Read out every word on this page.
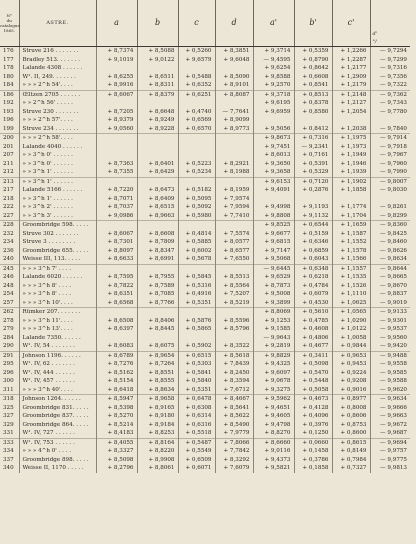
N°
du
catalogue
1865.	ASTRE.	a	b	c	d	a'	b'	c'	d'
°/
176	Struve 216 . . . . . . .	+ 8,7374	+ 8,5088	+ 0,5260	+ 8,3851	+ 9,3714	+ 0,5359	+ 1,2266	— 9,7294
177	Bradley 513. . . . . . .	+ 9,1019	+ 9,0122	+ 9,6579	+ 9,6048	— 9,4595	+ 0,8790	+ 1,2287	— 9,7299
178	Lalande 4308 . . . . . .					+ 9,6254	+ 0,8642	+ 1,2177	— 9,7316
180	W¹. II, 249. . . . . . .	+ 8,6255	+ 8,6511	+ 0,5488	+ 8,5090	+ 9,8588	+ 0,6608	+ 1,2909	— 9,7356
184	» » » 2^h 54'. . . .	+ 8,9916	+ 8,8311	+ 0,6352	+ 8,9101	+ 9,2570	+ 0,8541	+ 1,2179	— 9,7322
186	Œltzen 2705 . . . . . .	+ 8,6067	+ 8,8379	+ 0,6251	+ 8,8087	+ 9,3718	+ 0,8513	+ 1,2148	— 9,7362
192	» » 2^h 56' . . . . .					+ 9,6195	+ 0,8378	+ 1,2127	— 9,7343
193	Struve 230 . . . . . . .	+ 8,7205	+ 8,6648	+ 0,4740	— 7,7641	+ 9,6959	+ 0,8580	+ 1,2054	— 9,7780
196	» » » 2^h 57'. . . .	+ 8,9379	+ 8,9249	+ 0,6569	+ 8,9099				
199	Struve 234 . . . . . . .	+ 9,0560	+ 8,9228	+ 0,6570	+ 8,9773	+ 9,5056	+ 0,8412	+ 1,2038	— 9,7840
200	» » » 2^h 58'. . . .					+ 9,8673	+ 0,7316	+ 1,1975	— 9,7914
201	Lalande 4040 . . . . . .					+ 9,7451	— 9,2341	+ 1,1973	— 9,7918
207	» » 3^h 0' . . . . . .					+ 8,6013	+ 0,7161	+ 1,1949	— 9,7967
211	» » 3^h 0' . . . . . .	+ 8,7363	+ 8,6401	+ 0,5223	+ 8,2921	+ 9,3650	+ 0,5391	+ 1,1946	— 9,7960
212	» » 3^h 1' . . . . . .	+ 8,7355	+ 8,6429	+ 0,5234	+ 8,1988	+ 9,3658	+ 0,5329	+ 1,1939	— 9,7990
213	» » 3^h 1' . . . . . .					+ 9,6153	+ 0,7120	+ 1,1902	— 9,8007
217	Lalande 5166 . . . . . .	+ 8,7220	+ 8,6473	+ 0,5182	+ 8,1959	+ 9,4091	+ 0,2876	+ 1,1858	— 9,8030
218	» » 3^h 1' . . . . . .	+ 8,7071	+ 8,6409	+ 0,5095	+ 7,9574				
222	» » 3^h 2' . . . . . .	+ 8,7037	+ 8,6515	+ 0,5092	+ 7,9594	+ 9,4998	+ 9,1193	+ 1,1774	— 9,8261
227	» » 3^h 3' . . . . . .	+ 9,0986	+ 8,9663	+ 0,5980	+ 7,7410	+ 9,8808	+ 9,1132	+ 1,1704	— 9,8299
228	Groombridge 598. . . . .					+ 9,8525	+ 0,6544	+ 1,1659	— 9,8360
232	Struve 302 . . . . . . .	+ 8,6067	+ 8,6608	+ 0,4814	+ 7,5574	+ 9,6677	+ 0,5159	+ 1,1587	— 9,8425
234	Struve 3 . . . . . . . .	+ 8,7301	+ 8,7809	+ 0,5885	+ 8,0577	+ 9,6815	+ 0,6346	+ 1,1552	— 9,8460
236	Groombridge 655. . . . .	+ 8,8097	+ 8,8347	+ 0,6002	+ 8,6577	+ 9,7147	+ 0,6859	+ 1,1578	— 9,8626
240	Weisse III, 113. . . . .	+ 8,6633	+ 8,6991	+ 0,5678	+ 7,6550	+ 9,5068	+ 0,6043	+ 1,1566	— 9,8634
245	» » » 3^h 7' . . . .					— 9,6445	+ 0,6348	+ 1,1557	— 9,8644
246	Lalande 6020 . . . . . .	+ 8,7595	+ 8,7955	+ 0,5845	+ 8,5513	+ 9,6529	+ 0,6218	+ 1,1535	— 9,8665
248	» » » 3^h 8' . . . .	+ 8,7822	+ 8,7589	+ 0,5316	+ 8,5564	+ 8,7873	+ 0,4784	+ 1,1526	— 9,8670
254	» » » 3^h 8' . . . .	+ 8,6351	+ 8,7085	+ 0,4916	+ 7,5207	+ 9,5008	+ 0,6079	+ 1,1110	— 9,8837
257	» » » 3^h 10'. . . .	+ 8,6568	+ 8,7766	+ 0,5351	+ 8,5219	+ 9,3899	+ 0,4530	+ 1,0625	— 9,9019
262	Rümker 207. . . . . . .					+ 8,8069	+ 0,5610	+ 1,0565	— 9,9133
278	» » » 3^h 11'. . . .	+ 8,6508	+ 8,8406	+ 0,5876	+ 8,5596	+ 9,1253	+ 0,4785	+ 1,0290	— 9,9301
279	» » » 3^h 13'. . . .	+ 8,6397	+ 8,8445	+ 0,5865	+ 8,5796	+ 9,1585	+ 0,4608	+ 1,0122	— 9,9537
284	Lalande 7350. . . . . .					— 9,9643	+ 0,4806	+ 1,0058	— 9,9560
290	W¹. IV, 54 . . . . . . .	+ 8,6083	+ 8,6075	+ 0,5902	+ 8,3522	+ 9,2819	+ 0,4677	+ 0,9844	— 9,9420
291	Johnson 1196. . . . . .	+ 8,6789	+ 8,9654	+ 0,6515	+ 8,5618	+ 9,8829	+ 0,3411	+ 0,9653	— 9,9488
295	W¹. IV, 62 . . . . . . .	+ 8,7276	+ 8,7264	+ 0,5303	+ 7,8439	+ 9,4325	+ 0,5098	+ 0,9453	— 9,9558
296	W¹. IV, 444 . . . . . .	+ 8,5162	+ 8,8551	+ 0,5841	+ 8,2450	+ 9,6097	+ 0,5470	+ 0,9224	— 9,9585
300	W¹. IV, 457 . . . . . .	+ 8,5154	+ 8,8555	+ 0,5840	+ 8,3594	+ 9,0678	+ 0,5448	+ 0,9208	— 9,9588
311	» » » 3^h 40'. . . .	+ 8,6418	+ 8,8634	+ 0,5351	+ 7,6712	+ 9,3275	+ 0,5058	+ 0,9016	— 9,9620
318	Johnson 1264. . . . . .	+ 8,5947	+ 8,9658	+ 0,6478	+ 8,4667	+ 9,5962	+ 0,4673	+ 0,8977	— 9,9634
325	Groombridge 831. . . . .	+ 8,5398	+ 8,9165	+ 0,6308	+ 8,5641	+ 9,4651	+ 0,4128	+ 0,8008	— 9,9666
327	Groombridge 837. . . . .	+ 8,5270	+ 8,9180	+ 0,6314	+ 8,5622	+ 9,4605	+ 0,4096	+ 0,8606	— 9,9663
329	Groombridge 864. . . . .	+ 8,5214	+ 8,9184	+ 0,6316	+ 8,5490	+ 9,4798	+ 0,3976	+ 0,8753	— 9,9672
331	W¹. IV, 727 . . . . . .	+ 8,4183	+ 8,8253	+ 0,5518	+ 7,9779	+ 8,8270	+ 0,1250	+ 0,8600	— 9,9687
333	W¹. IV, 753 . . . . . .	+ 8,4055	+ 8,8164	+ 0,5487	+ 7,8066	+ 8,6660	+ 0,0660	+ 0,8615	— 9,9694
334	» » » 4^h 0' . . . .	+ 8,3327	+ 8,8220	+ 0,5549	+ 7,7842	+ 9,0116	+ 0,1458	+ 0,8149	— 9,9757
337	Groombridge 898. . . . .	+ 8,5098	+ 8,9908	+ 0,6509	+ 8,3292	+ 9,4373	+ 0,3786	+ 0,7984	— 9,9775
340	Weisse II, 1170 . . . . .	+ 8,2796	+ 8,8061	+ 0,6071	+ 7,6079	+ 9,5821	+ 0,1858	+ 0,7327	— 9,9813
